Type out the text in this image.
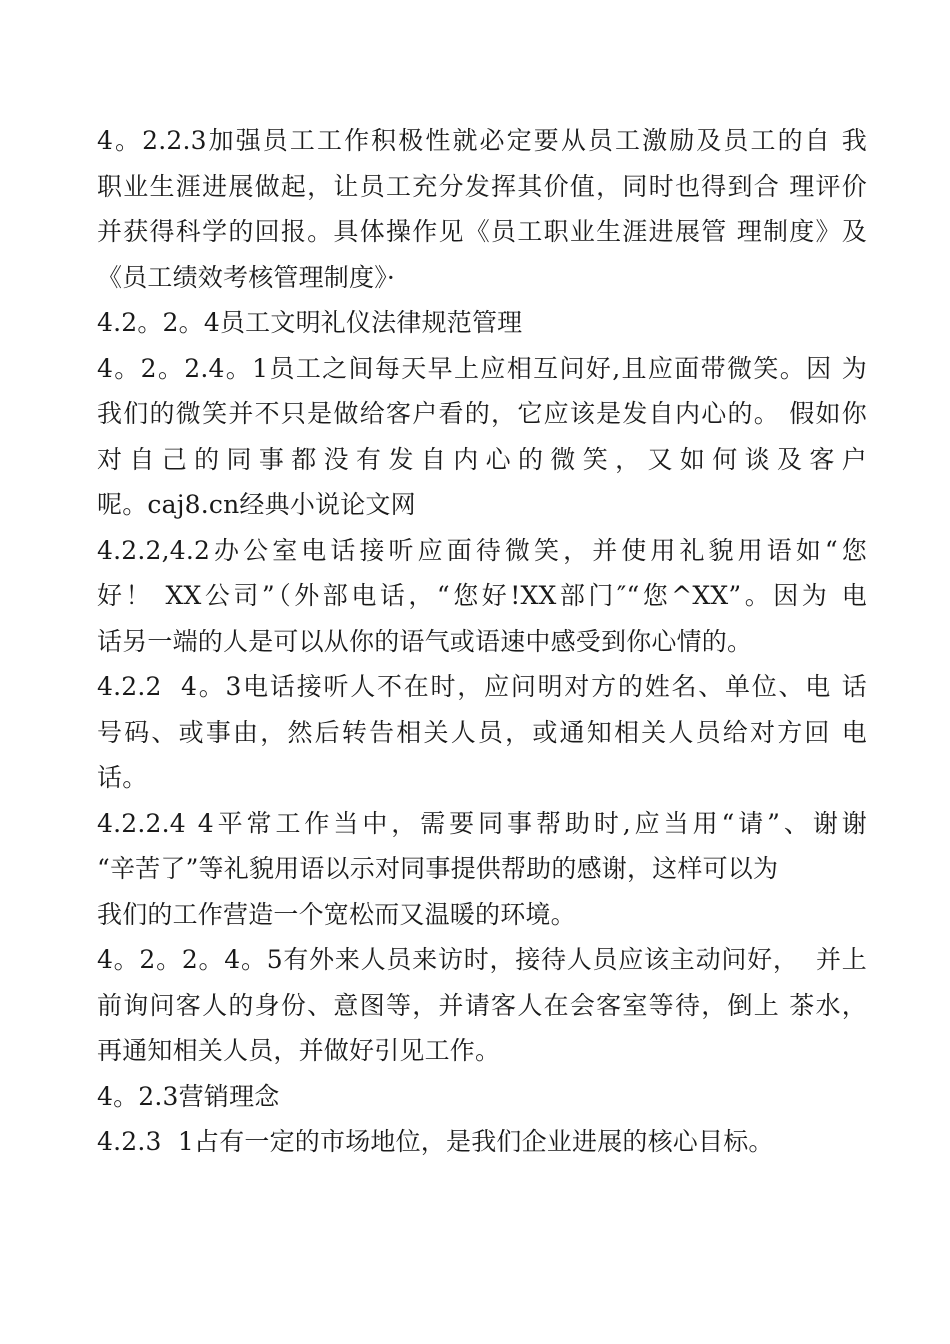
4。2.2.3加强员工工作积极性就必定要从员工激励及员工的自 我
职业生涯进展做起，让员工充分发挥其价值，同时也得到合 理评价
并获得科学的回报。具体操作见《员工职业生涯进展管 理制度》及
《员工绩效考核管理制度》·
4.2。2。4员工文明礼仪法律规范管理
4。2。2.4。1员工之间每天早上应相互问好,且应面带微笑。因 为
我们的微笑并不只是做给客户看的，它应该是发自内心的。 假如你
对自己的同事都没有发自内心的微笑，又如何谈及客户
呢。caj8.cn经典小说论文网
4.2.2,4.2办公室电话接听应面待微笑，并使用礼貌用语如“您
好！ XX公司”（外部电话，“您好!XX部门″“您^XX”。因为 电
话另一端的人是可以从你的语气或语速中感受到你心情的。
4.2.2  4。3电话接听人不在时，应问明对方的姓名、单位、电 话
号码、或事由，然后转告相关人员，或通知相关人员给对方回 电
话。
4.2.2.4 4平常工作当中，需要同事帮助时,应当用“请”、谢谢
“辛苦了”等礼貌用语以示对同事提供帮助的感谢，这样可以为
我们的工作营造一个宽松而又温暖的环境。
4。2。2。4。5有外来人员来访时，接待人员应该主动问好，  并上
前询问客人的身份、意图等，并请客人在会客室等待，倒上 茶水，
再通知相关人员，并做好引见工作。
4。2.3营销理念
4.2.3  1占有一定的市场地位，是我们企业进展的核心目标。
